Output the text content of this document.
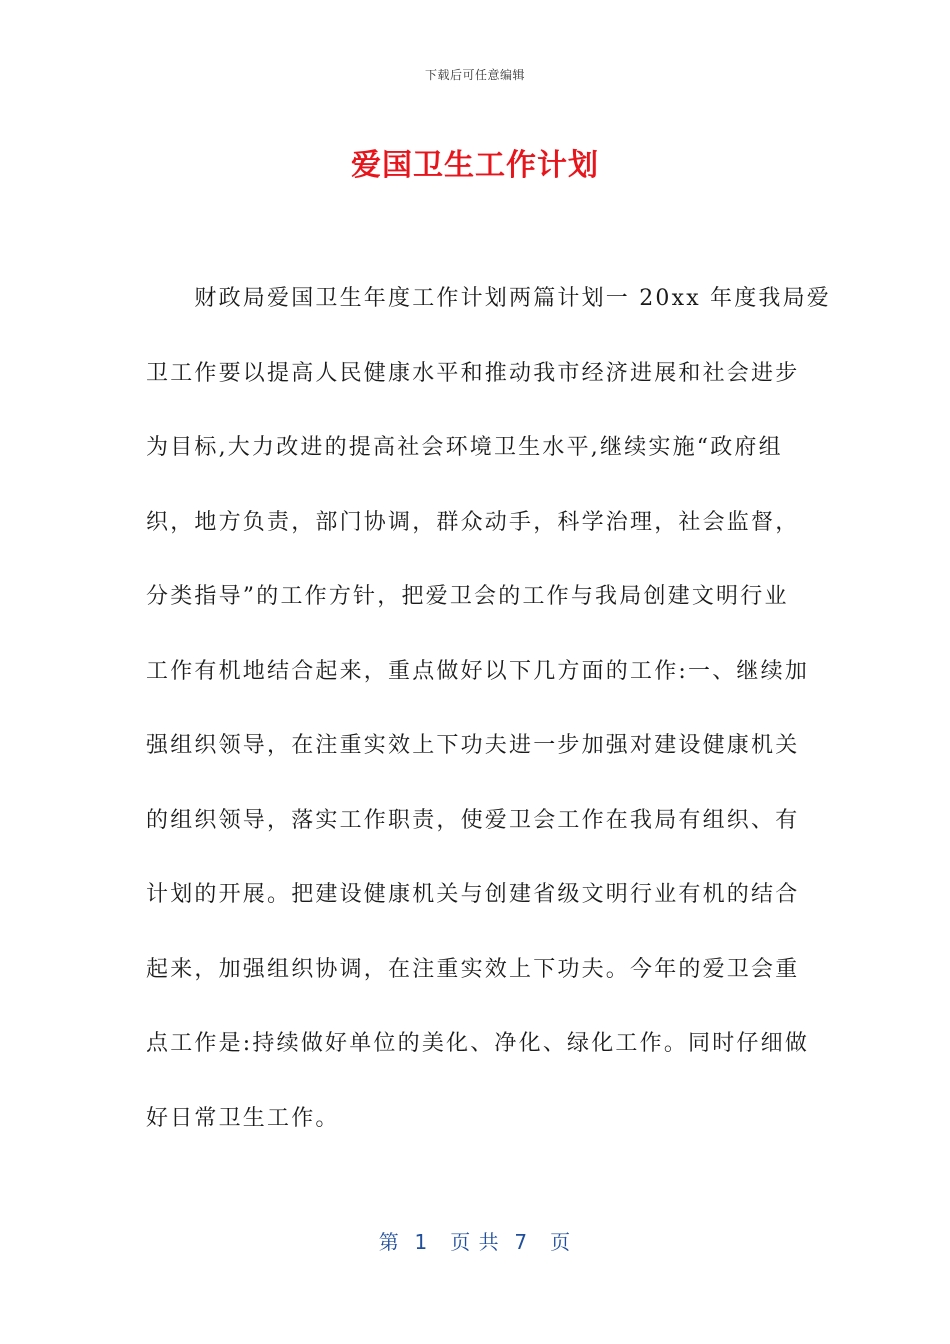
下载后可任意编辑
爱国卫生工作计划
　　财政局爱国卫生年度工作计划两篇计划一 20xx 年度我局爱
卫工作要以提高人民健康水平和推动我市经济进展和社会进步
为目标,大力改进的提高社会环境卫生水平,继续实施“政府组
织，地方负责，部门协调，群众动手，科学治理，社会监督，
分类指导”的工作方针，把爱卫会的工作与我局创建文明行业
工作有机地结合起来，重点做好以下几方面的工作:一、继续加
强组织领导，在注重实效上下功夫进一步加强对建设健康机关
的组织领导，落实工作职责，使爱卫会工作在我局有组织、有
计划的开展。把建设健康机关与创建省级文明行业有机的结合
起来，加强组织协调，在注重实效上下功夫。今年的爱卫会重
点工作是:持续做好单位的美化、净化、绿化工作。同时仔细做
好日常卫生工作。
第  1   页 共  7   页
